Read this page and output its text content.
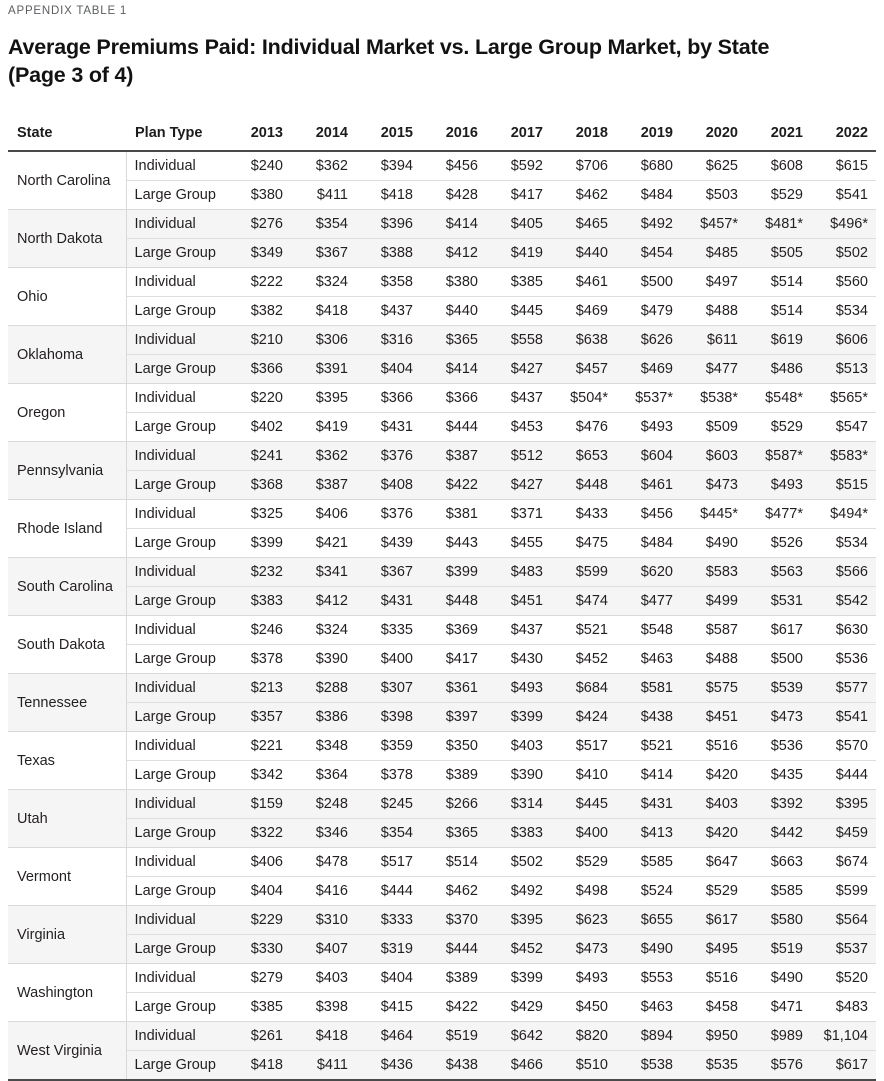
APPENDIX TABLE 1
Average Premiums Paid: Individual Market vs. Large Group Market, by State
(Page 3 of 4)
State	Plan Type	2013	2014	2015	2016	2017	2018	2019	2020	2021	2022
North Carolina	Individual	$240	$362	$394	$456	$592	$706	$680	$625	$608	$615
	Large Group	$380	$411	$418	$428	$417	$462	$484	$503	$529	$541
North Dakota	Individual	$276	$354	$396	$414	$405	$465	$492	$457*	$481*	$496*
	Large Group	$349	$367	$388	$412	$419	$440	$454	$485	$505	$502
Ohio	Individual	$222	$324	$358	$380	$385	$461	$500	$497	$514	$560
	Large Group	$382	$418	$437	$440	$445	$469	$479	$488	$514	$534
Oklahoma	Individual	$210	$306	$316	$365	$558	$638	$626	$611	$619	$606
	Large Group	$366	$391	$404	$414	$427	$457	$469	$477	$486	$513
Oregon	Individual	$220	$395	$366	$366	$437	$504*	$537*	$538*	$548*	$565*
	Large Group	$402	$419	$431	$444	$453	$476	$493	$509	$529	$547
Pennsylvania	Individual	$241	$362	$376	$387	$512	$653	$604	$603	$587*	$583*
	Large Group	$368	$387	$408	$422	$427	$448	$461	$473	$493	$515
Rhode Island	Individual	$325	$406	$376	$381	$371	$433	$456	$445*	$477*	$494*
	Large Group	$399	$421	$439	$443	$455	$475	$484	$490	$526	$534
South Carolina	Individual	$232	$341	$367	$399	$483	$599	$620	$583	$563	$566
	Large Group	$383	$412	$431	$448	$451	$474	$477	$499	$531	$542
South Dakota	Individual	$246	$324	$335	$369	$437	$521	$548	$587	$617	$630
	Large Group	$378	$390	$400	$417	$430	$452	$463	$488	$500	$536
Tennessee	Individual	$213	$288	$307	$361	$493	$684	$581	$575	$539	$577
	Large Group	$357	$386	$398	$397	$399	$424	$438	$451	$473	$541
Texas	Individual	$221	$348	$359	$350	$403	$517	$521	$516	$536	$570
	Large Group	$342	$364	$378	$389	$390	$410	$414	$420	$435	$444
Utah	Individual	$159	$248	$245	$266	$314	$445	$431	$403	$392	$395
	Large Group	$322	$346	$354	$365	$383	$400	$413	$420	$442	$459
Vermont	Individual	$406	$478	$517	$514	$502	$529	$585	$647	$663	$674
	Large Group	$404	$416	$444	$462	$492	$498	$524	$529	$585	$599
Virginia	Individual	$229	$310	$333	$370	$395	$623	$655	$617	$580	$564
	Large Group	$330	$407	$319	$444	$452	$473	$490	$495	$519	$537
Washington	Individual	$279	$403	$404	$389	$399	$493	$553	$516	$490	$520
	Large Group	$385	$398	$415	$422	$429	$450	$463	$458	$471	$483
West Virginia	Individual	$261	$418	$464	$519	$642	$820	$894	$950	$989	$1,104
	Large Group	$418	$411	$436	$438	$466	$510	$538	$535	$576	$617
